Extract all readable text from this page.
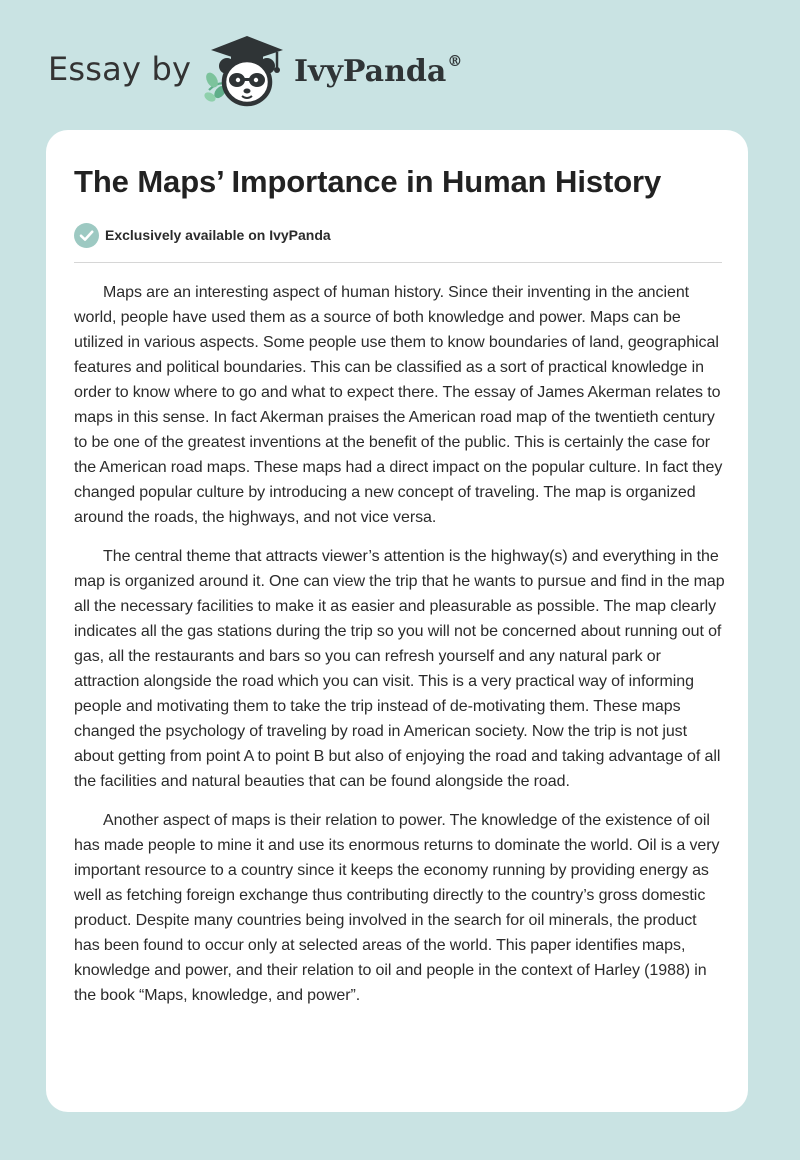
Essay by	IvyPanda®
The Maps’ Importance in Human History
Exclusively available on IvyPanda

Maps are an interesting aspect of human history. Since their inventing in the ancient world, people have used them as a source of both knowledge and power. Maps can be utilized in various aspects. Some people use them to know boundaries of land, geographical features and political boundaries. This can be classified as a sort of practical knowledge in order to know where to go and what to expect there. The essay of James Akerman relates to maps in this sense. In fact Akerman praises the American road map of the twentieth century to be one of the greatest inventions at the benefit of the public. This is certainly the case for the American road maps. These maps had a direct impact on the popular culture. In fact they changed popular culture by introducing a new concept of traveling. The map is organized around the roads, the highways, and not vice versa.

The central theme that attracts viewer’s attention is the highway(s) and everything in the map is organized around it. One can view the trip that he wants to pursue and find in the map all the necessary facilities to make it as easier and pleasurable as possible. The map clearly indicates all the gas stations during the trip so you will not be concerned about running out of gas, all the restaurants and bars so you can refresh yourself and any natural park or attraction alongside the road which you can visit. This is a very practical way of informing people and motivating them to take the trip instead of de-motivating them. These maps changed the psychology of traveling by road in American society. Now the trip is not just about getting from point A to point B but also of enjoying the road and taking advantage of all the facilities and natural beauties that can be found alongside the road.

Another aspect of maps is their relation to power. The knowledge of the existence of oil has made people to mine it and use its enormous returns to dominate the world. Oil is a very important resource to a country since it keeps the economy running by providing energy as well as fetching foreign exchange thus contributing directly to the country’s gross domestic product. Despite many countries being involved in the search for oil minerals, the product has been found to occur only at selected areas of the world. This paper identifies maps, knowledge and power, and their relation to oil and people in the context of Harley (1988) in the book “Maps, knowledge, and power”.
